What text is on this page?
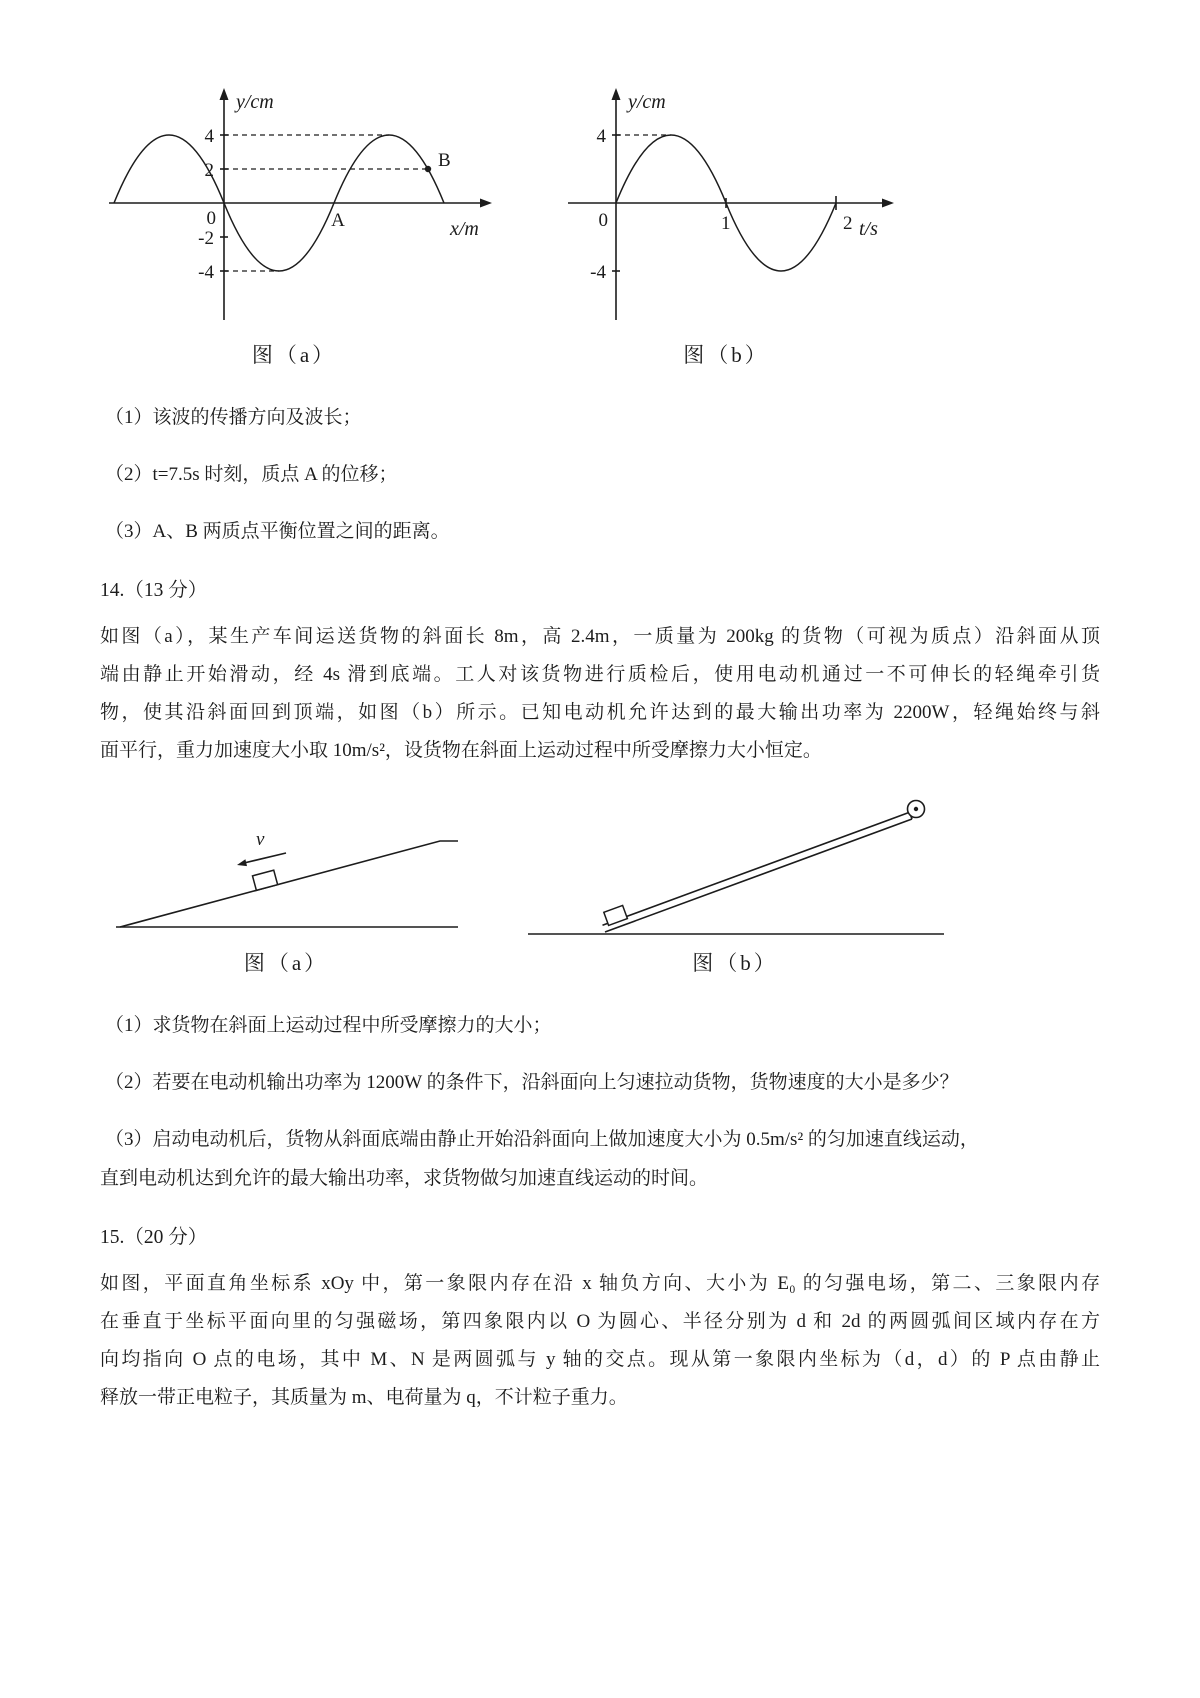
y/cm
x/m
4
2
0
-2
-4
A
B
图（a）
y/cm
t/s
4
0	1	2
-4
图（b）

（1）该波的传播方向及波长；

（2）t=7.5s 时刻，质点 A 的位移；

（3）A、B 两质点平衡位置之间的距离。

14.（13 分）

如图（a），某生产车间运送货物的斜面长 8m，高 2.4m，一质量为 200kg 的货物（可视为质点）沿斜面从顶

端由静止开始滑动，经 4s 滑到底端。工人对该货物进行质检后，使用电动机通过一不可伸长的轻绳牵引货

物，使其沿斜面回到顶端，如图（b）所示。已知电动机允许达到的最大输出功率为 2200W，轻绳始终与斜

面平行，重力加速度大小取 10m/s²，设货物在斜面上运动过程中所受摩擦力大小恒定。

v
图（a）	图（b）

（1）求货物在斜面上运动过程中所受摩擦力的大小；

（2）若要在电动机输出功率为 1200W 的条件下，沿斜面向上匀速拉动货物，货物速度的大小是多少？

（3）启动电动机后，货物从斜面底端由静止开始沿斜面向上做加速度大小为 0.5m/s² 的匀加速直线运动，

直到电动机达到允许的最大输出功率，求货物做匀加速直线运动的时间。

15.（20 分）

如图，平面直角坐标系 xOy 中，第一象限内存在沿 x 轴负方向、大小为 E₀ 的匀强电场，第二、三象限内存

在垂直于坐标平面向里的匀强磁场，第四象限内以 O 为圆心、半径分别为 d 和 2d 的两圆弧间区域内存在方

向均指向 O 点的电场，其中 M、N 是两圆弧与 y 轴的交点。现从第一象限内坐标为（d，d）的 P 点由静止

释放一带正电粒子，其质量为 m、电荷量为 q，不计粒子重力。
